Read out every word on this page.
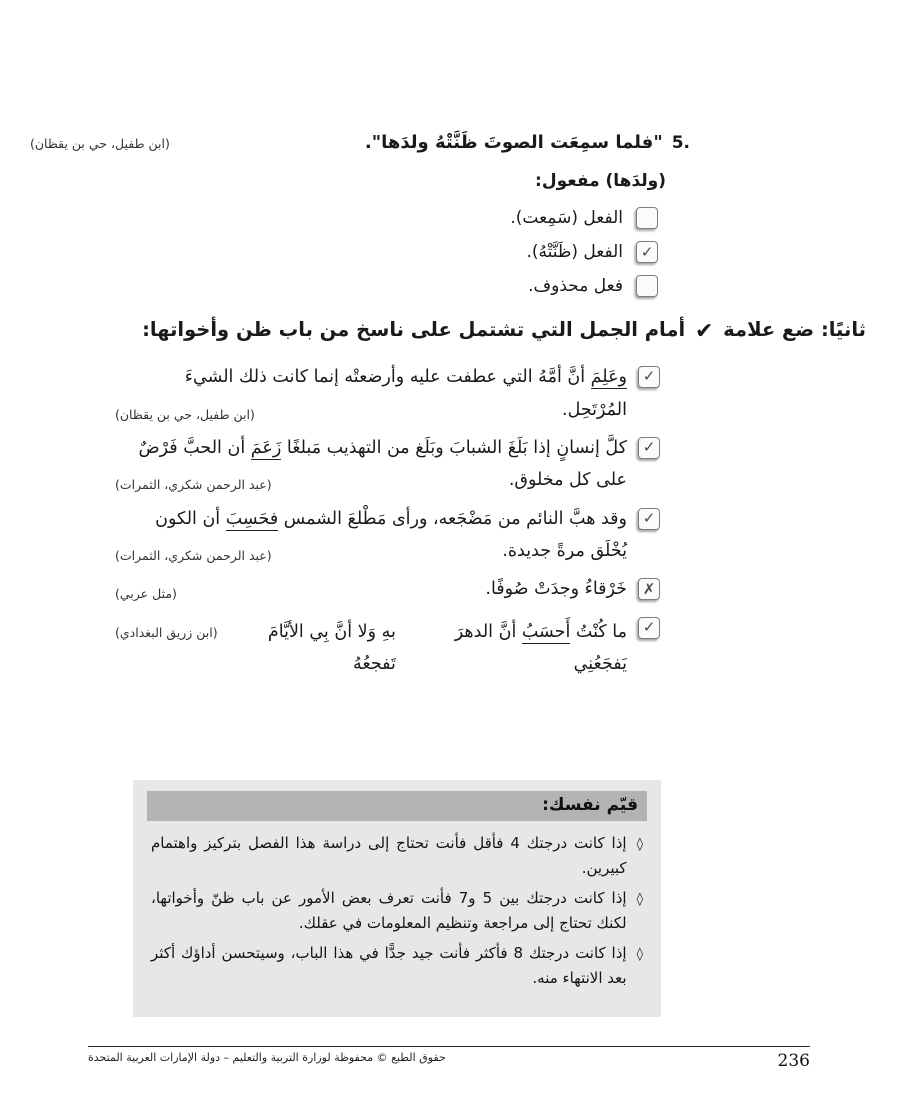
5.
"فلما سمِعَت الصوتَ ظَنَّتْهُ ولدَها".
(ابن طفيل، حي بن يقظان)
(ولدَها) مفعول:
الفعل (سَمِعت).
✓
الفعل (ظَنَّتْهُ).
فعل محذوف.
ثانيًا: ضع علامة ✔ أمام الجمل التي تشتمل على ناسخ من باب ظن وأخواتها:
✓
وعَلِمَ أنَّ أمَّهُ التي عطفت عليه وأرضعتْه إنما كانت ذلك الشيءَ المُرْتَحِل.
(ابن طفيل، حي بن يقظان)
✓
كلَّ إنسانٍ إذا بَلَغَ الشبابَ وبَلَغ من التهذيب مَبلغًا زَعَمَ أن الحبَّ فَرْضٌ على كل مخلوق.
(عبد الرحمن شكري، الثمرات)
✓
وقد هبَّ النائم من مَضْجَعه، ورأى مَطْلعَ الشمس فحَسِبَ أن الكون يُخْلَق مرةً جديدة.
(عبد الرحمن شكري، الثمرات)
✗
خَرْقاءُ وجدَتْ صُوفًا.
(مثل عربي)
✓
ما كُنْتُ أَحسَبُ أنَّ الدهرَ يَفجَعُنِي
بهِ وَلا أنَّ بِي الأيَّامَ تَفجعُهُ
(ابن زريق البغدادي)
قيّم نفسك:
◊
إذا كانت درجتك 4 فأقل فأنت تحتاج إلى دراسة هذا الفصل بتركيز واهتمام كبيرين.
◊
إذا كانت درجتك بين 5 و7 فأنت تعرف بعض الأمور عن باب ظنّ وأخواتها، لكنك تحتاج إلى مراجعة وتنظيم المعلومات في عقلك.
◊
إذا كانت درجتك 8 فأكثر فأنت جيد جدًّا في هذا الباب، وسيتحسن أداؤك أكثر بعد الانتهاء منه.
حقوق الطبع © محفوظة لوزارة التربية والتعليم – دولة الإمارات العربية المتحدة	236
